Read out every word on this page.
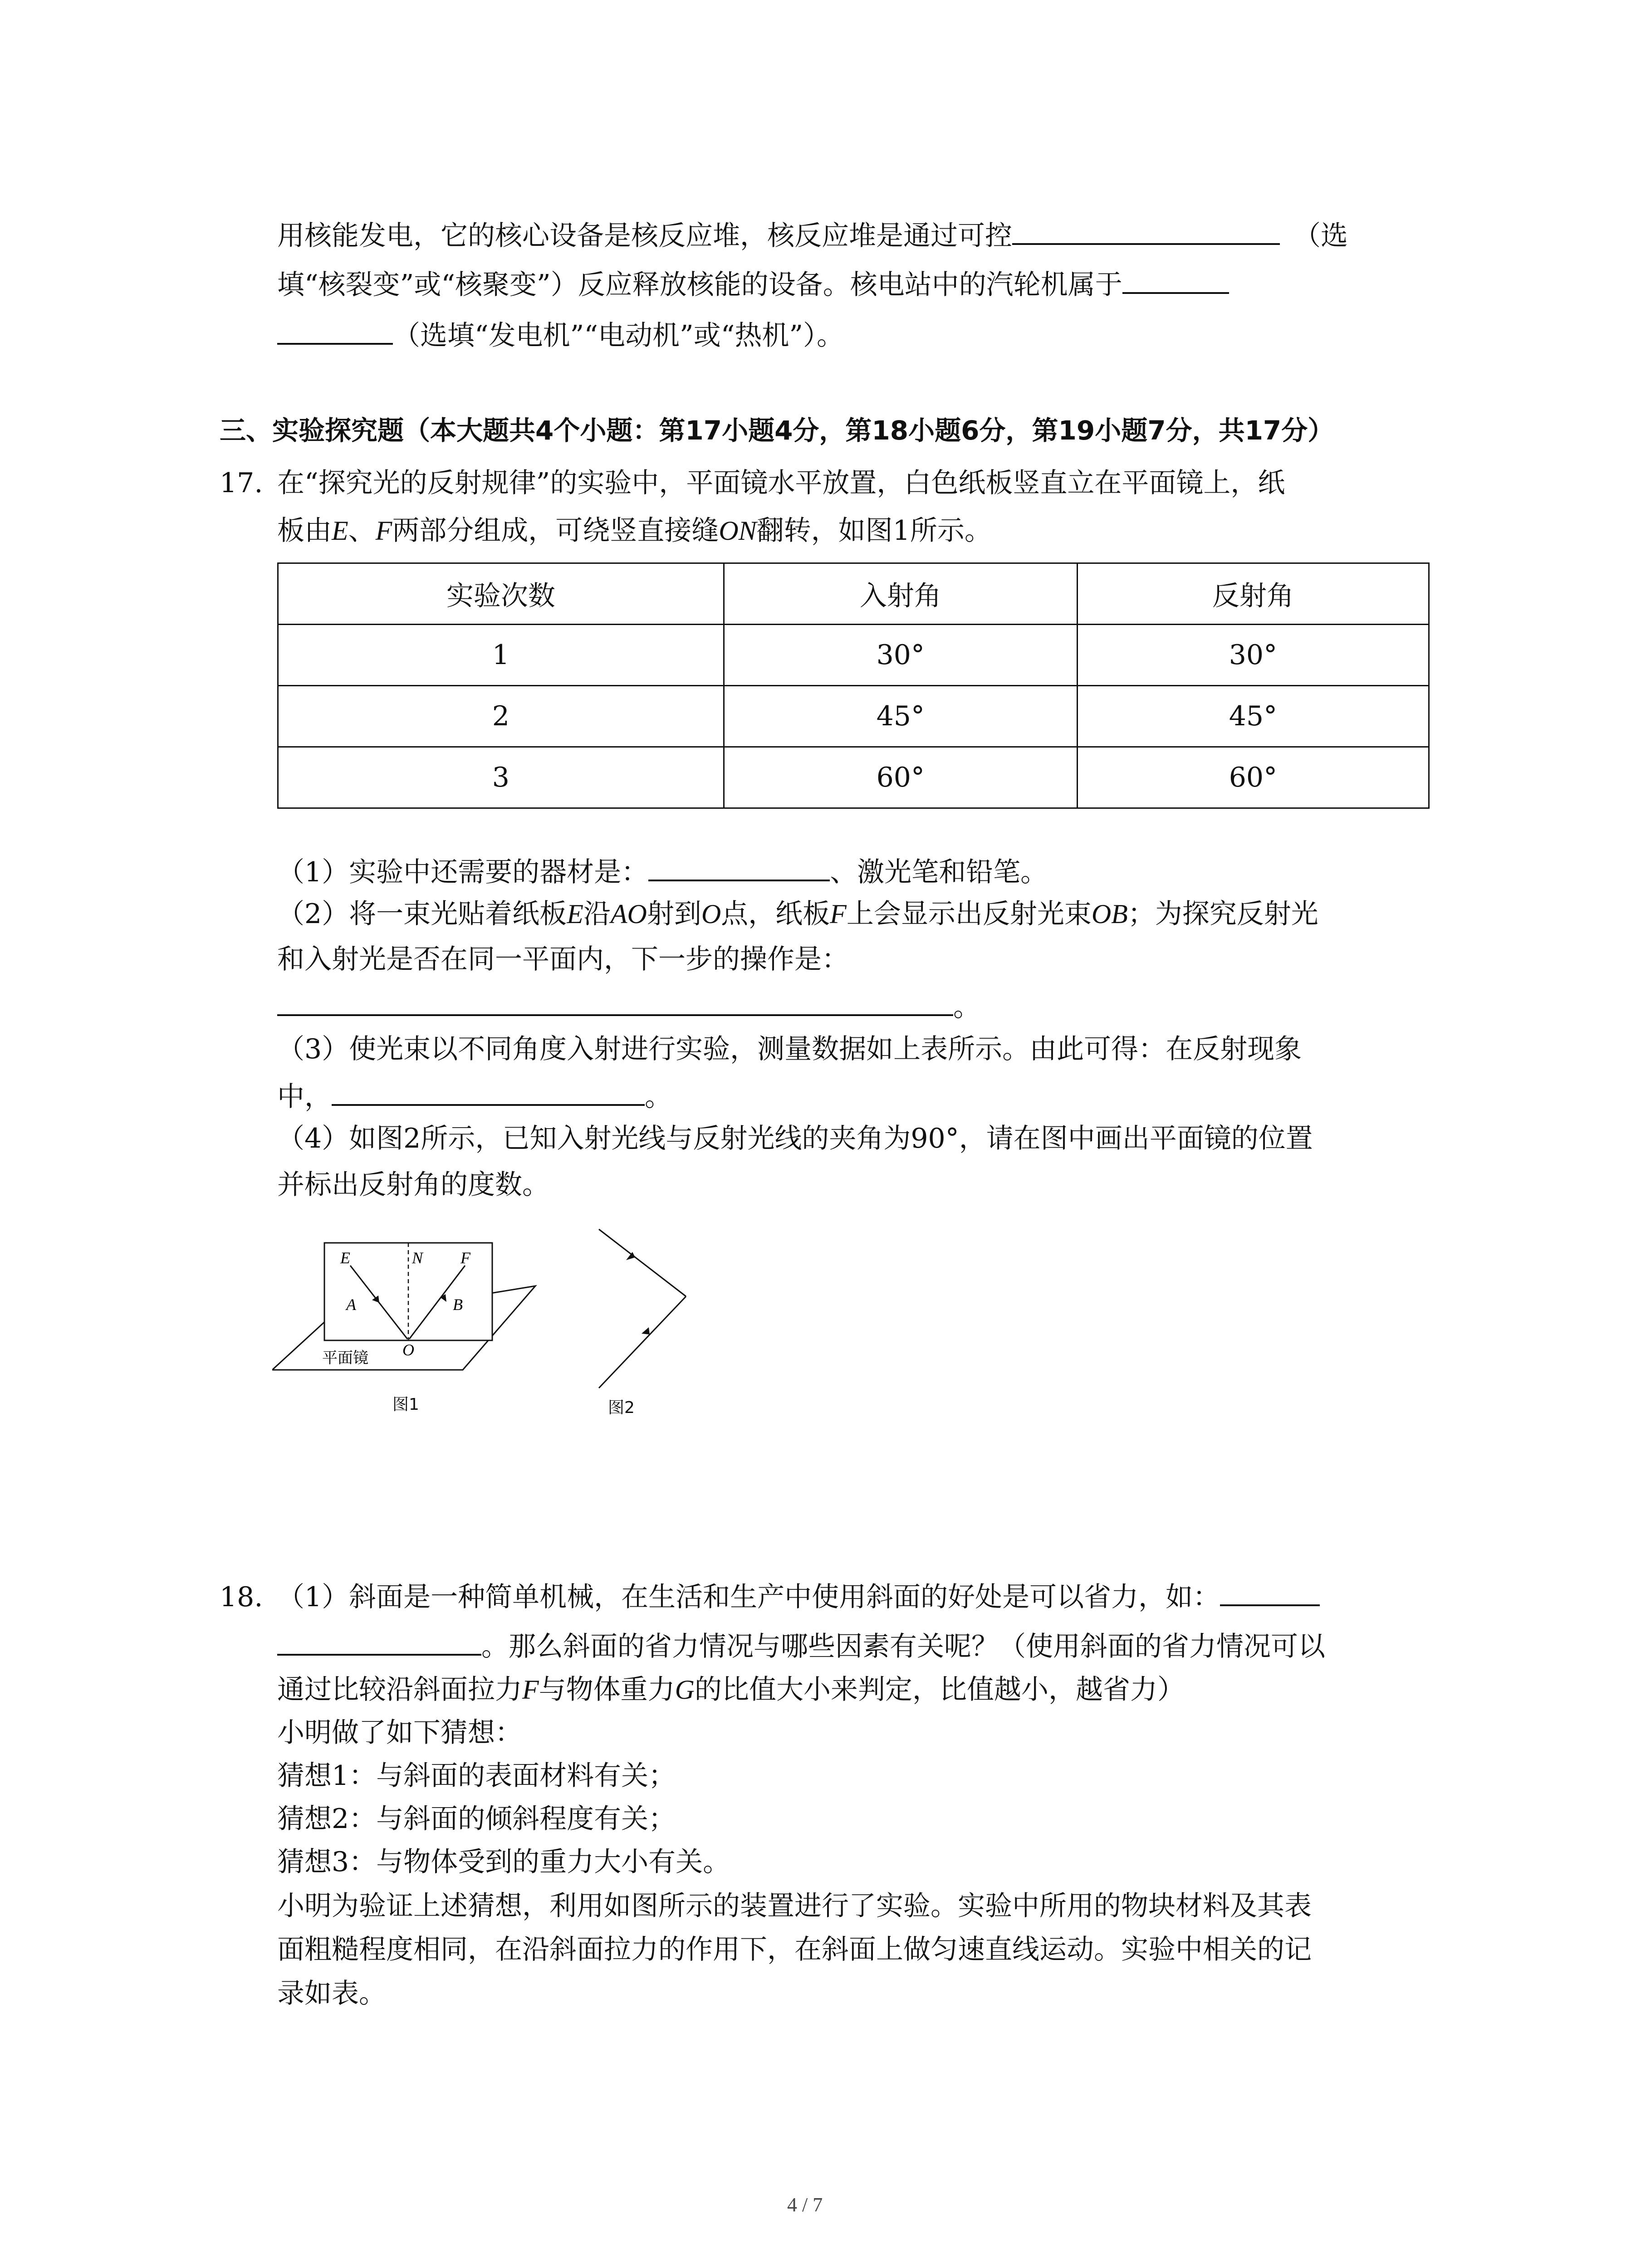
用核能发电，它的核心设备是核反应堆，核反应堆是通过可控	（选
填“核裂变”或“核聚变”）反应释放核能的设备。核电站中的汽轮机属于
（选填“发电机”“电动机”或“热机”）。
三、实验探究题（本大题共4个小题：第17小题4分，第18小题6分，第19小题7分，共17分）
17. 在“探究光的反射规律”的实验中，平面镜水平放置，白色纸板竖直立在平面镜上，纸
板由E、F两部分组成，可绕竖直接缝ON翻转，如图1所示。
实验次数	入射角	反射角
1	30°	30°
2	45°	45°
3	60°	60°
（1）实验中还需要的器材是：	、激光笔和铅笔。
（2）将一束光贴着纸板E沿AO射到O点，纸板F上会显示出反射光束OB；为探究反射光
和入射光是否在同一平面内，下一步的操作是：
。
（3）使光束以不同角度入射进行实验，测量数据如上表所示。由此可得：在反射现象
中，	。
（4）如图2所示，已知入射光线与反射光线的夹角为90°，请在图中画出平面镜的位置
并标出反射角的度数。
E	N F
A	B
O
平面镜
图1	图2
18. （1）斜面是一种简单机械，在生活和生产中使用斜面的好处是可以省力，如：
。那么斜面的省力情况与哪些因素有关呢？（使用斜面的省力情况可以
通过比较沿斜面拉力F与物体重力G的比值大小来判定，比值越小，越省力）
小明做了如下猜想：
猜想1：与斜面的表面材料有关；
猜想2：与斜面的倾斜程度有关；
猜想3：与物体受到的重力大小有关。
小明为验证上述猜想，利用如图所示的装置进行了实验。实验中所用的物块材料及其表
面粗糙程度相同，在沿斜面拉力的作用下，在斜面上做匀速直线运动。实验中相关的记
录如表。
4 / 7
